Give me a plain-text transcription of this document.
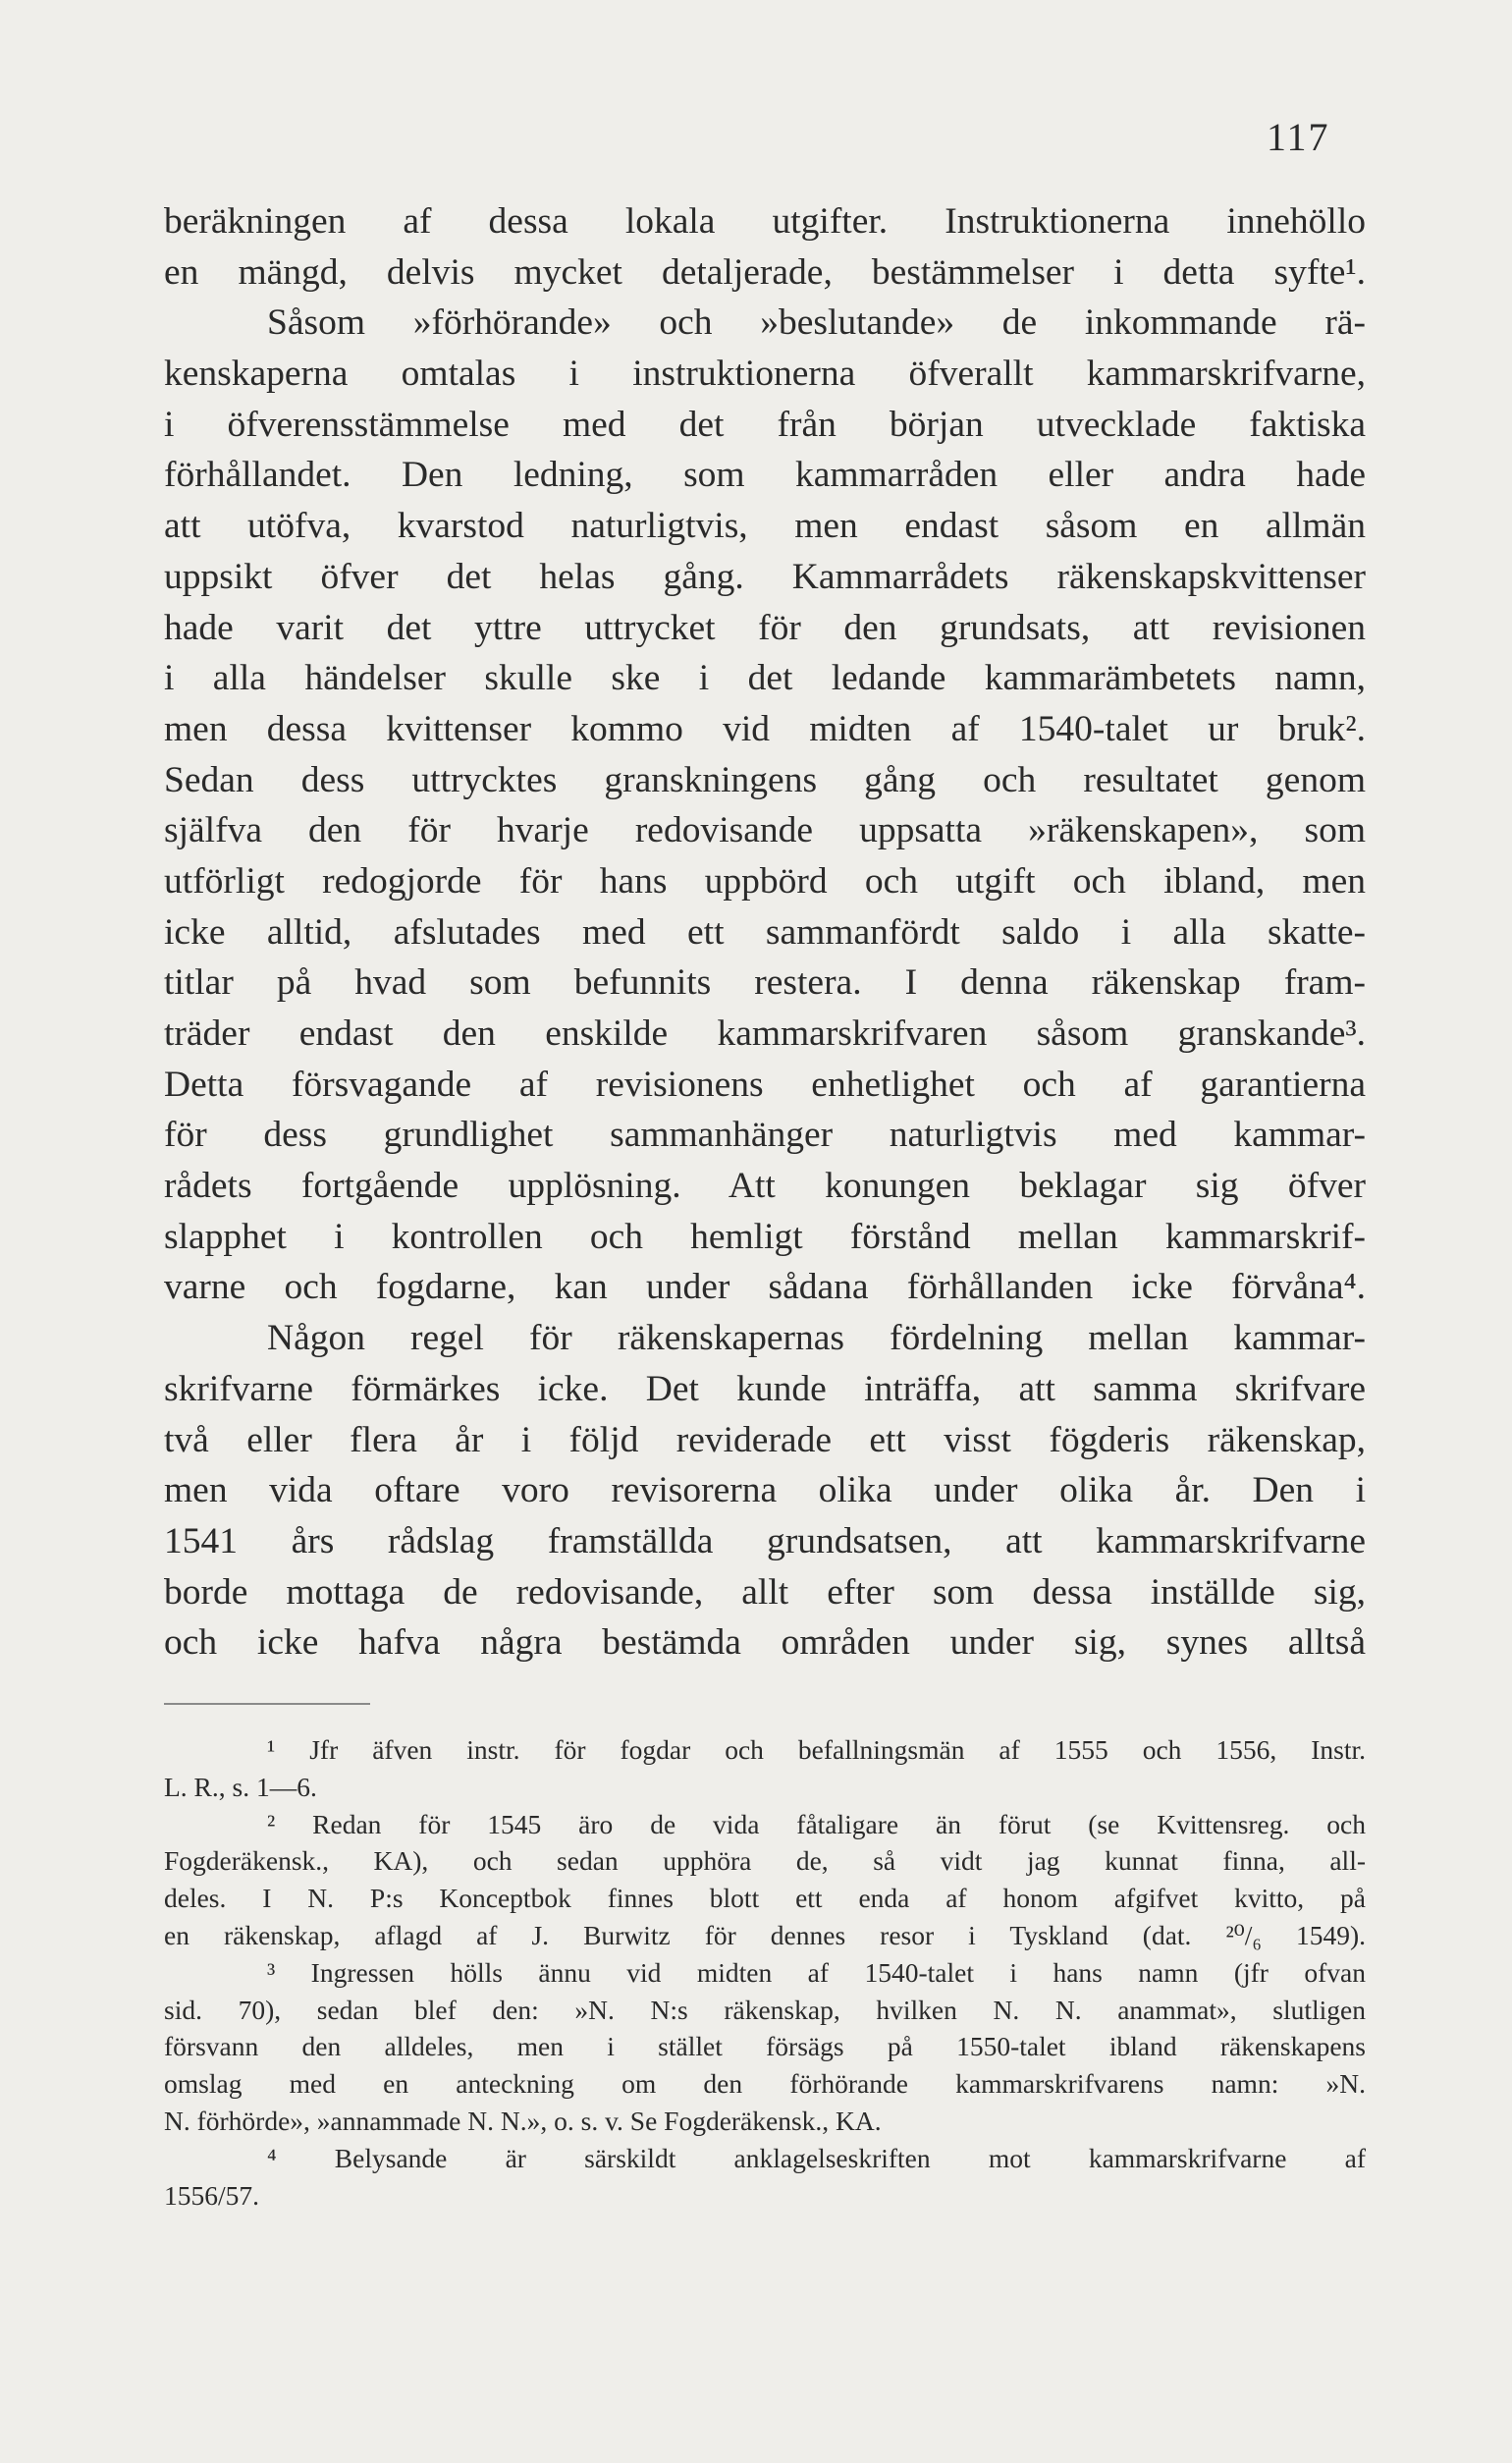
117
beräkningen af dessa lokala utgifter. Instruktionerna innehöllo
en mängd, delvis mycket detaljerade, bestämmelser i detta syfte¹.
Såsom »förhörande» och »beslutande» de inkommande rä-
kenskaperna omtalas i instruktionerna öfverallt kammarskrifvarne,
i öfverensstämmelse med det från början utvecklade faktiska
förhållandet. Den ledning, som kammarråden eller andra hade
att utöfva, kvarstod naturligtvis, men endast såsom en allmän
uppsikt öfver det helas gång. Kammarrådets räkenskapskvittenser
hade varit det yttre uttrycket för den grundsats, att revisionen
i alla händelser skulle ske i det ledande kammarämbetets namn,
men dessa kvittenser kommo vid midten af 1540-talet ur bruk².
Sedan dess uttrycktes granskningens gång och resultatet genom
själfva den för hvarje redovisande uppsatta »räkenskapen», som
utförligt redogjorde för hans uppbörd och utgift och ibland, men
icke alltid, afslutades med ett sammanfördt saldo i alla skatte-
titlar på hvad som befunnits restera. I denna räkenskap fram-
träder endast den enskilde kammarskrifvaren såsom granskande³.
Detta försvagande af revisionens enhetlighet och af garantierna
för dess grundlighet sammanhänger naturligtvis med kammar-
rådets fortgående upplösning. Att konungen beklagar sig öfver
slapphet i kontrollen och hemligt förstånd mellan kammarskrif-
varne och fogdarne, kan under sådana förhållanden icke förvåna⁴.
Någon regel för räkenskapernas fördelning mellan kammar-
skrifvarne förmärkes icke. Det kunde inträffa, att samma skrifvare
två eller flera år i följd reviderade ett visst fögderis räkenskap,
men vida oftare voro revisorerna olika under olika år. Den i
1541 års rådslag framställda grundsatsen, att kammarskrifvarne
borde mottaga de redovisande, allt efter som dessa inställde sig,
och icke hafva några bestämda områden under sig, synes alltså
¹ Jfr äfven instr. för fogdar och befallningsmän af 1555 och 1556, Instr.
L. R., s. 1—6.
² Redan för 1545 äro de vida fåtaligare än förut (se Kvittensreg. och
Fogderäkensk., KA), och sedan upphöra de, så vidt jag kunnat finna, all-
deles. I N. P:s Konceptbok finnes blott ett enda af honom afgifvet kvitto, på
en räkenskap, aflagd af J. Burwitz för dennes resor i Tyskland (dat. ²⁰/₆ 1549).
³ Ingressen hölls ännu vid midten af 1540-talet i hans namn (jfr ofvan
sid. 70), sedan blef den: »N. N:s räkenskap, hvilken N. N. anammat», slutligen
försvann den alldeles, men i stället försägs på 1550-talet ibland räkenskapens
omslag med en anteckning om den förhörande kammarskrifvarens namn: »N.
N. förhörde», »annammade N. N.», o. s. v. Se Fogderäkensk., KA.
⁴ Belysande är särskildt anklagelseskriften mot kammarskrifvarne af
1556/57.
